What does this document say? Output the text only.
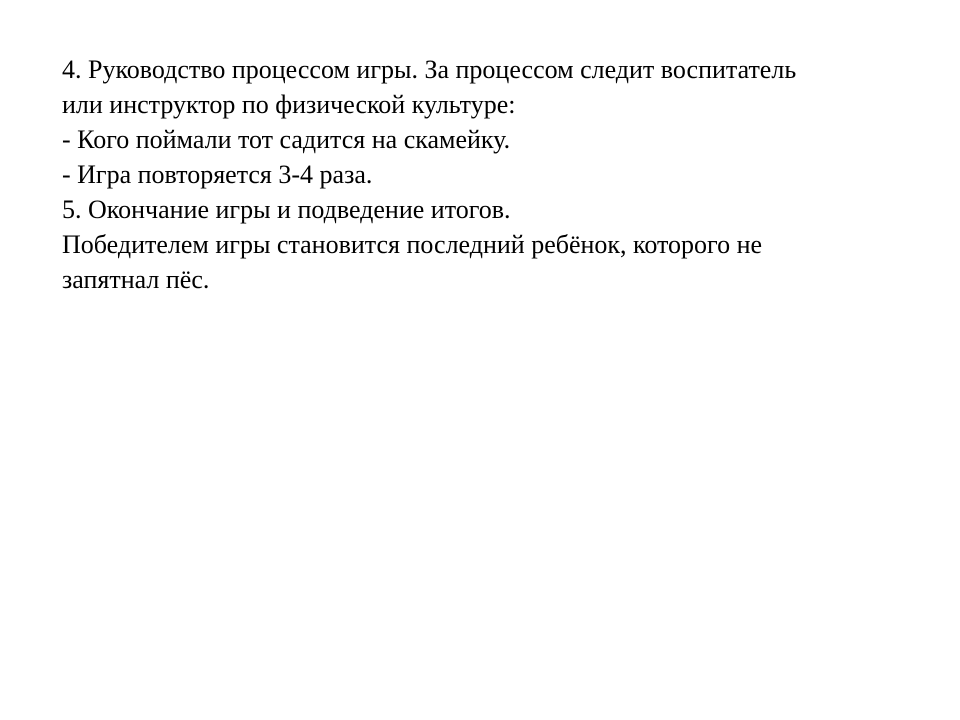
4. Руководство процессом игры. За процессом следит воспитатель
или инструктор по физической культуре:
- Кого поймали тот садится на скамейку.
- Игра повторяется 3-4 раза.
5. Окончание игры и подведение итогов.
Победителем игры становится последний ребёнок, которого не
запятнал пёс.
